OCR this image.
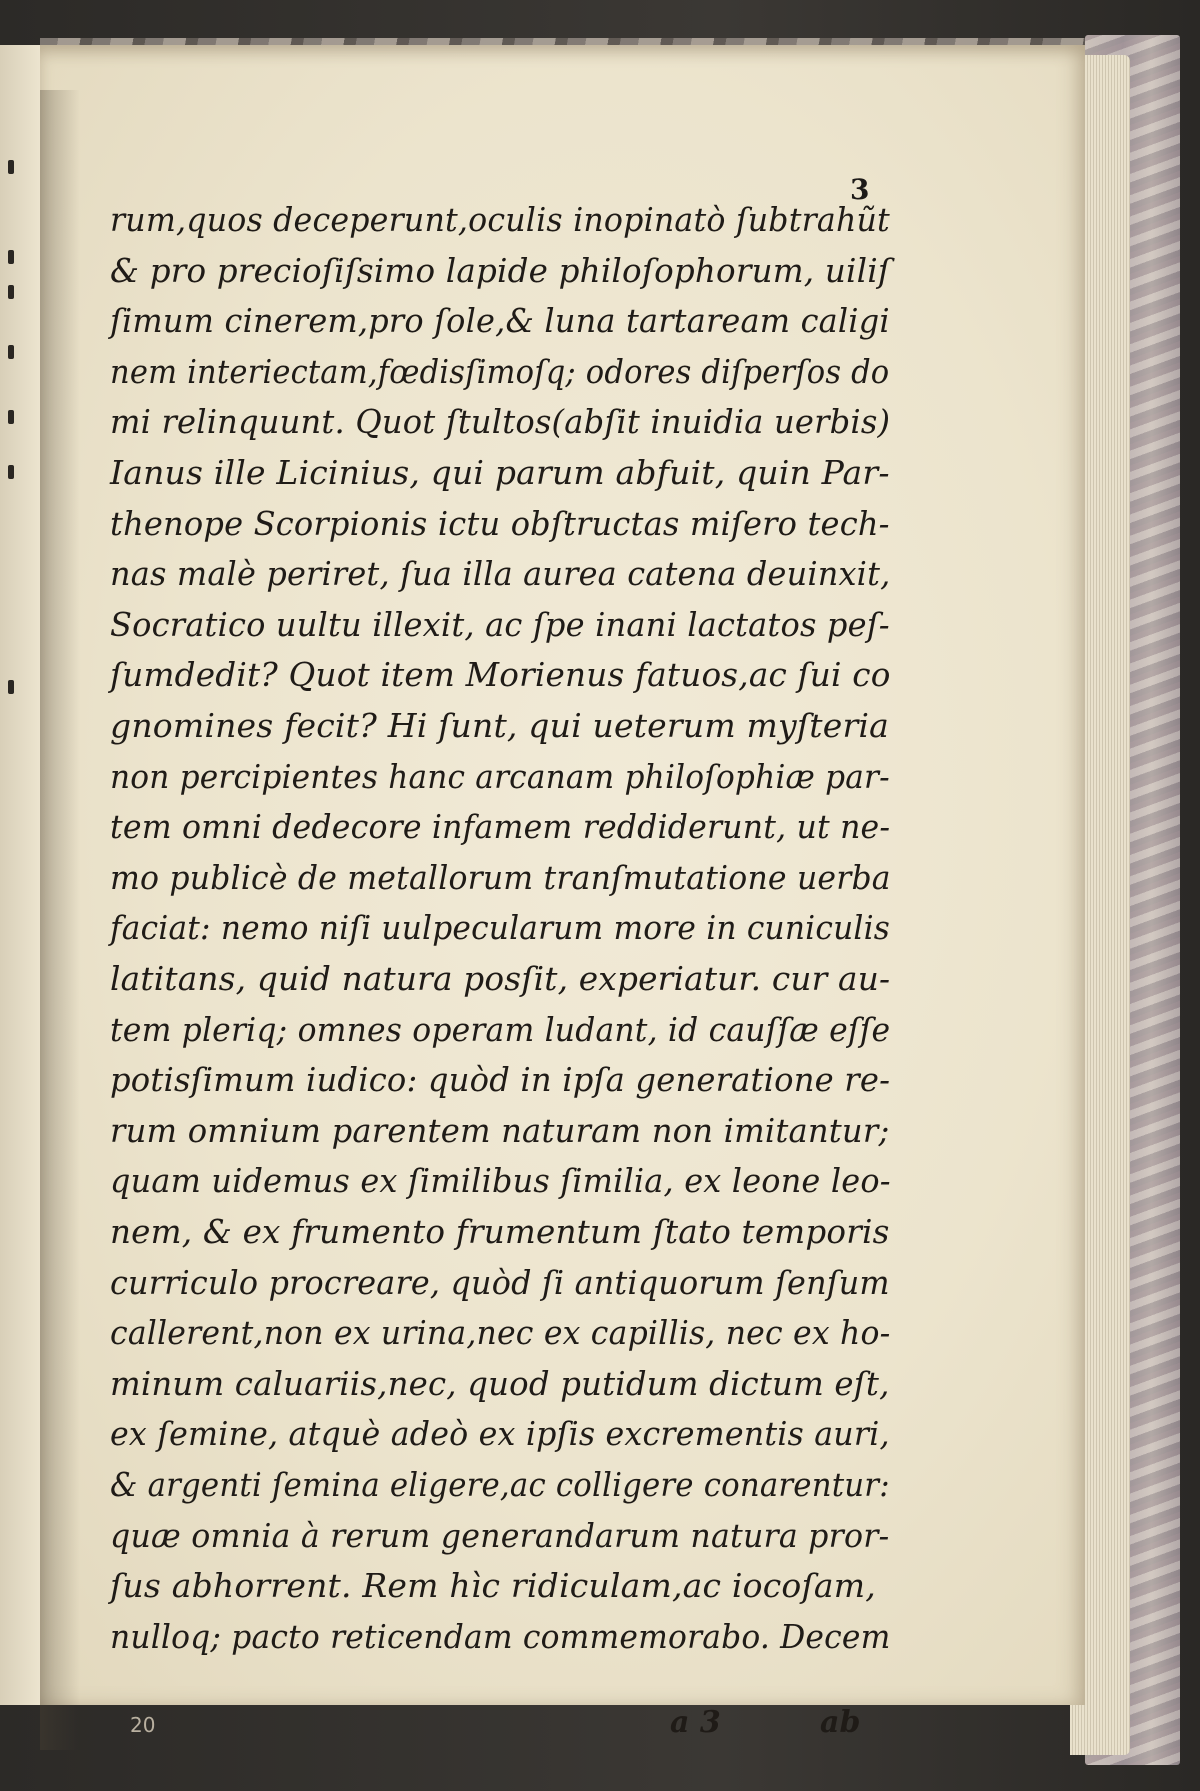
3

rum,quos deceperunt,oculis inopinatò ſubtrahũt

& pro precioſiſsimo lapide philoſophorum, uiliſ

ſimum cinerem,pro ſole,& luna tartaream caligi

nem interiectam,fœdisſimoſq; odores diſperſos do

mi relinquunt. Quot ſtultos(abſit inuidia uerbis)

Ianus ille Licinius, qui parum abfuit, quin Par-

thenope Scorpionis ictu obſtructas miſero tech-

nas malè periret, ſua illa aurea catena deuinxit,

Socratico uultu illexit, ac ſpe inani lactatos peſ-

ſumdedit? Quot item Morienus fatuos,ac ſui co

gnomines fecit? Hi ſunt, qui ueterum myſteria

non percipientes hanc arcanam philoſophiæ par-

tem omni dedecore infamem reddiderunt, ut ne-

mo publicè de metallorum tranſmutatione uerba

faciat: nemo niſi uulpecularum more in cuniculis

latitans, quid natura posſit, experiatur. cur au-

tem pleriq; omnes operam ludant, id cauſſæ eſſe

potisſimum iudico: quòd in ipſa generatione re-

rum omnium parentem naturam non imitantur;

quam uidemus ex ſimilibus ſimilia, ex leone leo-

nem, & ex frumento frumentum ſtato temporis

curriculo procreare, quòd ſi antiquorum ſenſum

callerent,non ex urina,nec ex capillis, nec ex ho-

minum caluariis,nec, quod putidum dictum eſt,

ex ſemine, atquè adeò ex ipſis excrementis auri,

& argenti ſemina eligere,ac colligere conarentur:

quæ omnia à rerum generandarum natura pror-

ſus abhorrent. Rem hìc ridiculam,ac iocoſam,

nulloq; pacto reticendam commemorabo. Decem

20	a 3	ab
